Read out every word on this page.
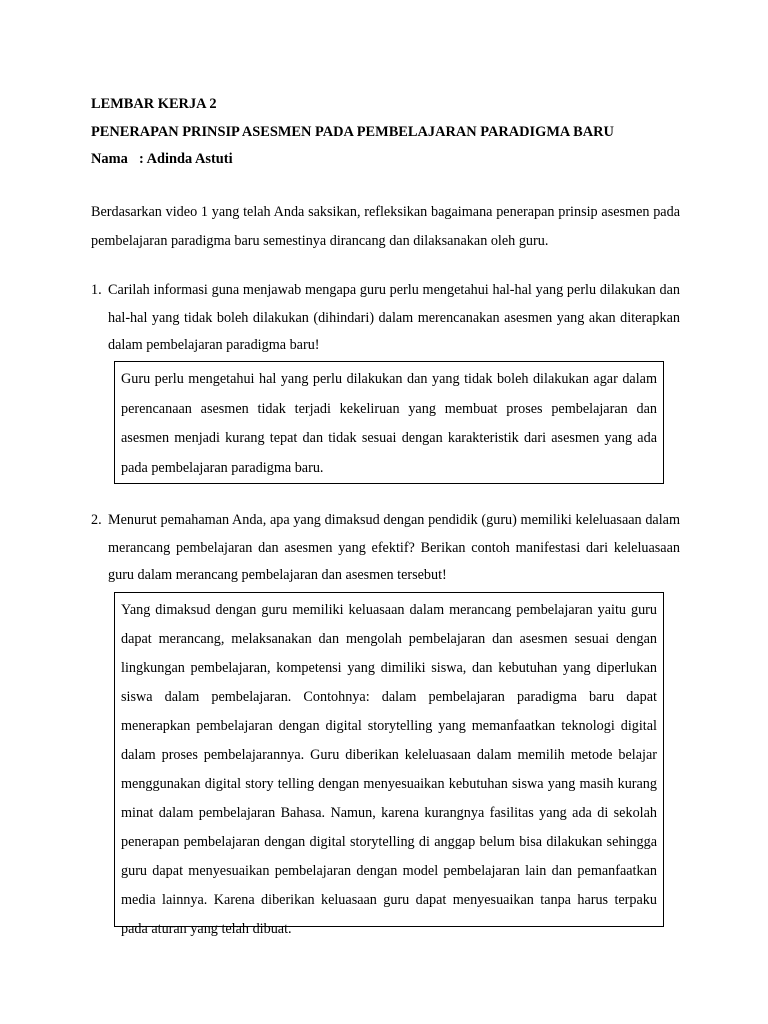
LEMBAR KERJA 2
PENERAPAN PRINSIP ASESMEN PADA PEMBELAJARAN PARADIGMA BARU
Nama : Adinda Astuti
Berdasarkan video 1 yang telah Anda saksikan, refleksikan bagaimana penerapan prinsip asesmen pada pembelajaran paradigma baru semestinya dirancang dan dilaksanakan oleh guru.
1. Carilah informasi guna menjawab mengapa guru perlu mengetahui hal-hal yang perlu dilakukan dan hal-hal yang tidak boleh dilakukan (dihindari) dalam merencanakan asesmen yang akan diterapkan dalam pembelajaran paradigma baru!
Guru perlu mengetahui hal yang perlu dilakukan dan yang tidak boleh dilakukan agar dalam perencanaan asesmen tidak terjadi kekeliruan yang membuat proses pembelajaran dan asesmen menjadi kurang tepat dan tidak sesuai dengan karakteristik dari asesmen yang ada pada pembelajaran paradigma baru.
2. Menurut pemahaman Anda, apa yang dimaksud dengan pendidik (guru) memiliki keleluasaan dalam merancang pembelajaran dan asesmen yang efektif? Berikan contoh manifestasi dari keleluasaan guru dalam merancang pembelajaran dan asesmen tersebut!
Yang dimaksud dengan guru memiliki keluasaan dalam merancang pembelajaran yaitu guru dapat merancang, melaksanakan dan mengolah pembelajaran dan asesmen sesuai dengan lingkungan pembelajaran, kompetensi yang dimiliki siswa, dan kebutuhan yang diperlukan siswa dalam pembelajaran. Contohnya: dalam pembelajaran paradigma baru dapat menerapkan pembelajaran dengan digital storytelling yang memanfaatkan teknologi digital dalam proses pembelajarannya. Guru diberikan keleluasaan dalam memilih metode belajar menggunakan digital story telling dengan menyesuaikan kebutuhan siswa yang masih kurang minat dalam pembelajaran Bahasa. Namun, karena kurangnya fasilitas yang ada di sekolah penerapan pembelajaran dengan digital storytelling di anggap belum bisa dilakukan sehingga guru dapat menyesuaikan pembelajaran dengan model pembelajaran lain dan pemanfaatkan media lainnya. Karena diberikan keluasaan guru dapat menyesuaikan tanpa harus terpaku pada aturan yang telah dibuat.
